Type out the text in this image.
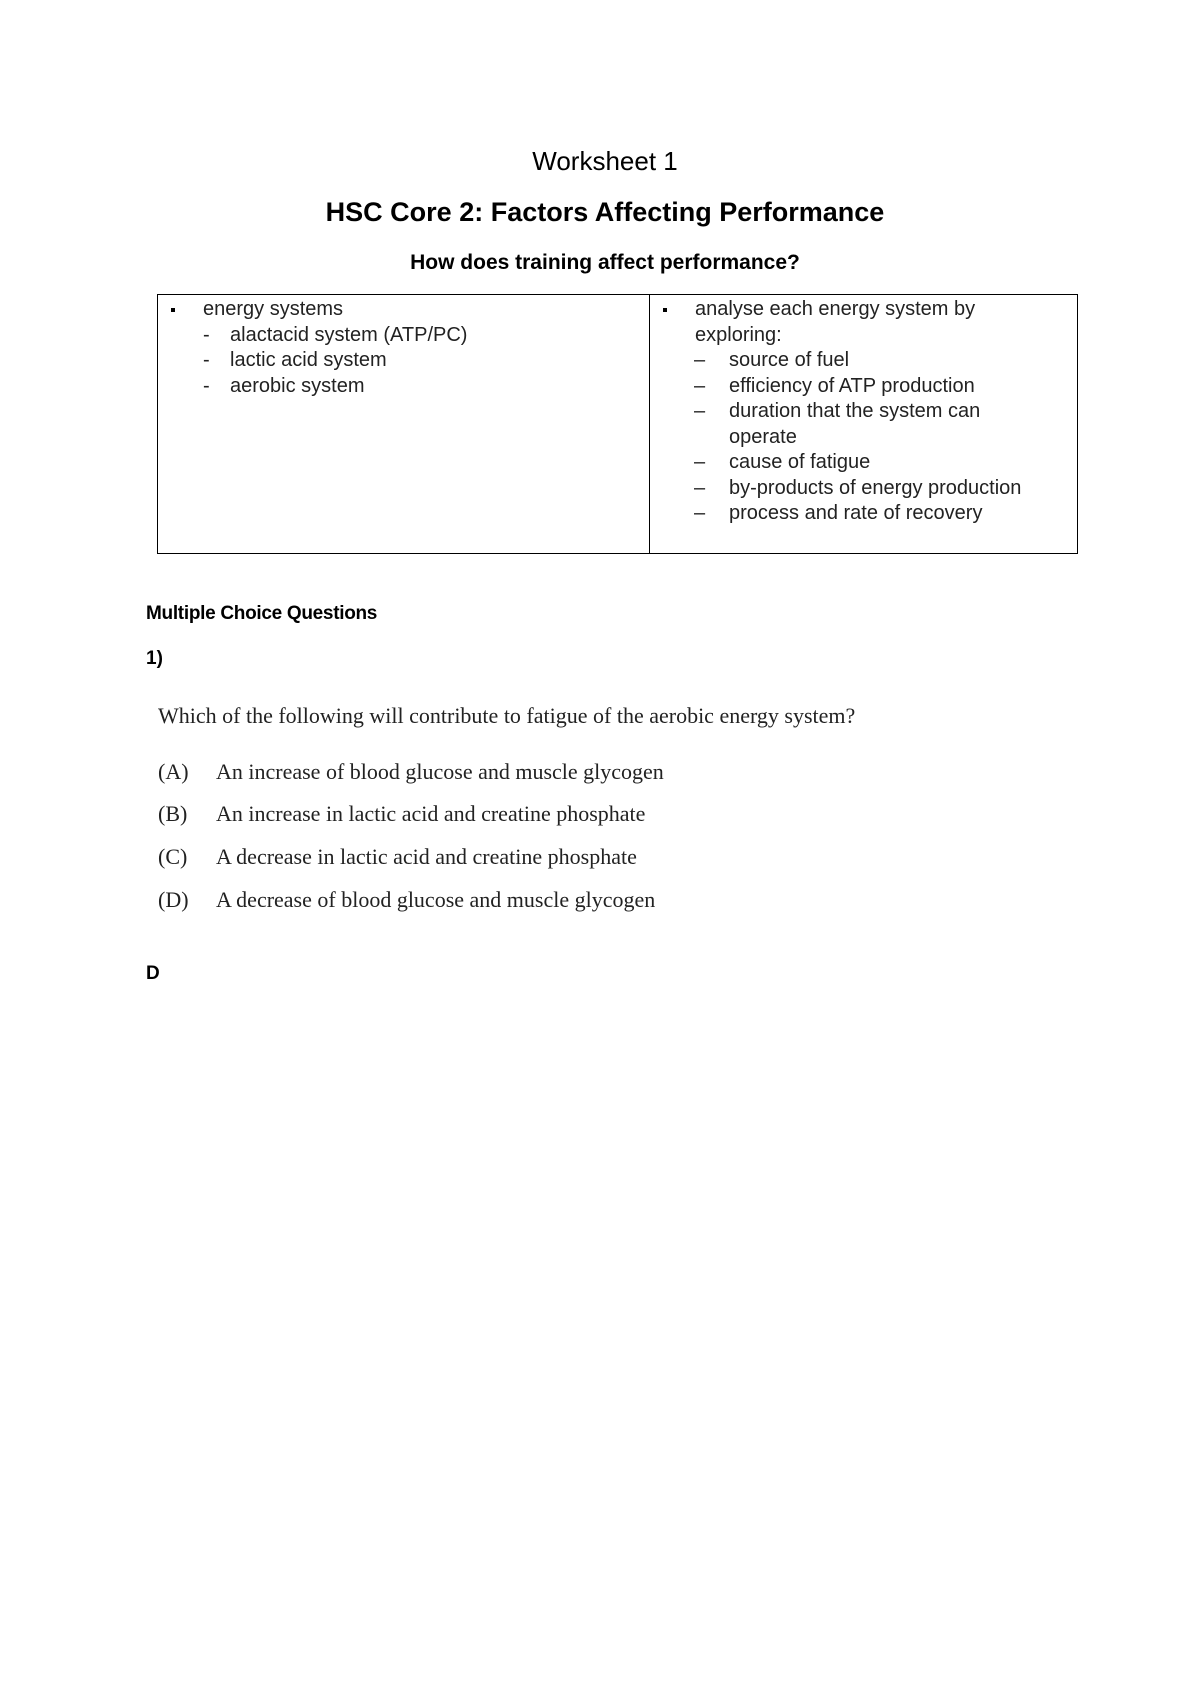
Worksheet 1
HSC Core 2: Factors Affecting Performance
How does training affect performance?
energy systems
- alactacid system (ATP/PC)
- lactic acid system
- aerobic system

analyse each energy system by exploring:
– source of fuel
– efficiency of ATP production
– duration that the system can operate
– cause of fatigue
– by-products of energy production
– process and rate of recovery
Multiple Choice Questions
1)
Which of the following will contribute to fatigue of the aerobic energy system?
(A) An increase of blood glucose and muscle glycogen
(B) An increase in lactic acid and creatine phosphate
(C) A decrease in lactic acid and creatine phosphate
(D) A decrease of blood glucose and muscle glycogen
D
